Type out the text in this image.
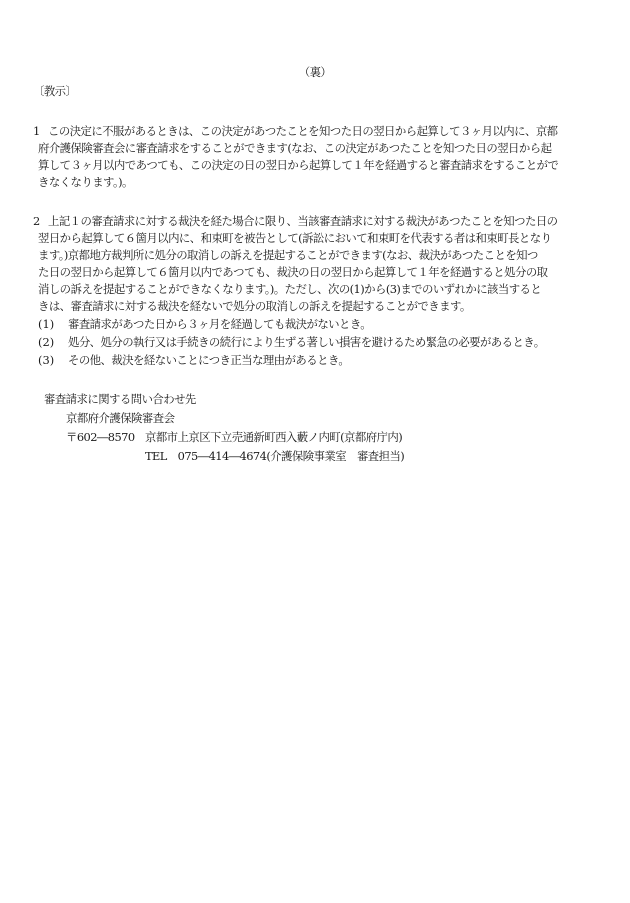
（裏）
〔教示〕
1 この決定に不服があるときは、この決定があつたことを知つた日の翌日から起算して３ヶ月以内に、京都
府介護保険審査会に審査請求をすることができます(なお、この決定があつたことを知つた日の翌日から起
算して３ヶ月以内であつても、この決定の日の翌日から起算して１年を経過すると審査請求をすることがで
きなくなります。)。
2 上記１の審査請求に対する裁決を経た場合に限り、当該審査請求に対する裁決があつたことを知つた日の
翌日から起算して６箇月以内に、和束町を被告として(訴訟において和束町を代表する者は和束町長となり
ます。)京都地方裁判所に処分の取消しの訴えを提起することができます(なお、裁決があつたことを知つ
た日の翌日から起算して６箇月以内であつても、裁決の日の翌日から起算して１年を経過すると処分の取
消しの訴えを提起することができなくなります。)。ただし、次の(1)から(3)までのいずれかに該当すると
きは、審査請求に対する裁決を経ないで処分の取消しの訴えを提起することができます。
(1) 審査請求があつた日から３ヶ月を経過しても裁決がないとき。
(2) 処分、処分の執行又は手続きの続行により生ずる著しい損害を避けるため緊急の必要があるとき。
(3) その他、裁決を経ないことにつき正当な理由があるとき。
審査請求に関する問い合わせ先
京都府介護保険審査会
〒602―8570 京都市上京区下立売通新町西入藪ノ内町(京都府庁内)
TEL　075―414―4674(介護保険事業室　審査担当)
